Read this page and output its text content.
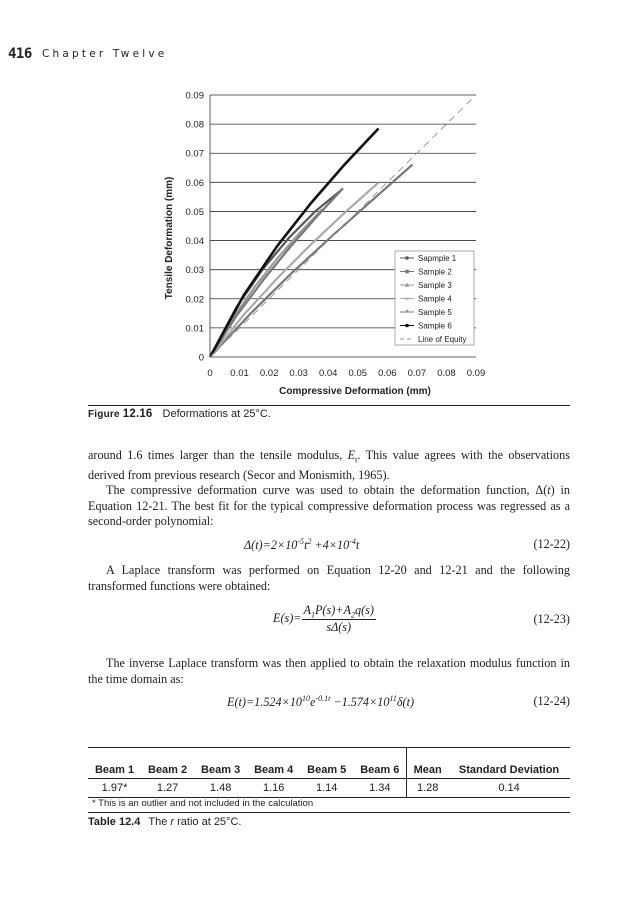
416 Chapter Twelve
0
0.01
0.02
0.03
0.04
0.05
0.06
0.07
0.08
0.09
0 0.01 0.02 0.03 0.04 0.05 0.06 0.07 0.08 0.09
Compressive Deformation (mm)
Tensile Deformation (mm)	Sapmple 1
Sample 2
Sample 3
× Sample 4
* Sample 5
Sample 6
Line of Equity
Figure 12.16 Deformations at 25°C.
around 1.6 times larger than the tensile modulus, $E_t$. This value agrees with the observations derived from previous research (Secor and Monismith, 1965).
The compressive deformation curve was used to obtain the deformation function, Δ(t) in Equation 12-21. The best fit for the typical compressive deformation process was regressed as a second-order polynomial:
$\Delta(t)=2\times 10^{-5}t^2 +4\times 10^{-4}t$	(12-22)
A Laplace transform was performed on Equation 12-20 and 12-21 and the following transformed functions were obtained:
$E(s)= \frac{A_1P(s)+A_2q(s)}{s\Delta(s)}$	(12-23)
The inverse Laplace transform was then applied to obtain the relaxation modulus function in the time domain as:
$E(t)=1.524\times 10^{10}e^{-0.1t} -1.574\times 10^{11}\delta(t)$	(12-24)
Beam 1	Beam 2	Beam 3	Beam 4	Beam 5	Beam 6	Mean	Standard Deviation
1.97*	1.27	1.48	1.16	1.14	1.34	1.28	0.14
* This is an outlier and not included in the calculation
Table 12.4 The r ratio at 25°C.
